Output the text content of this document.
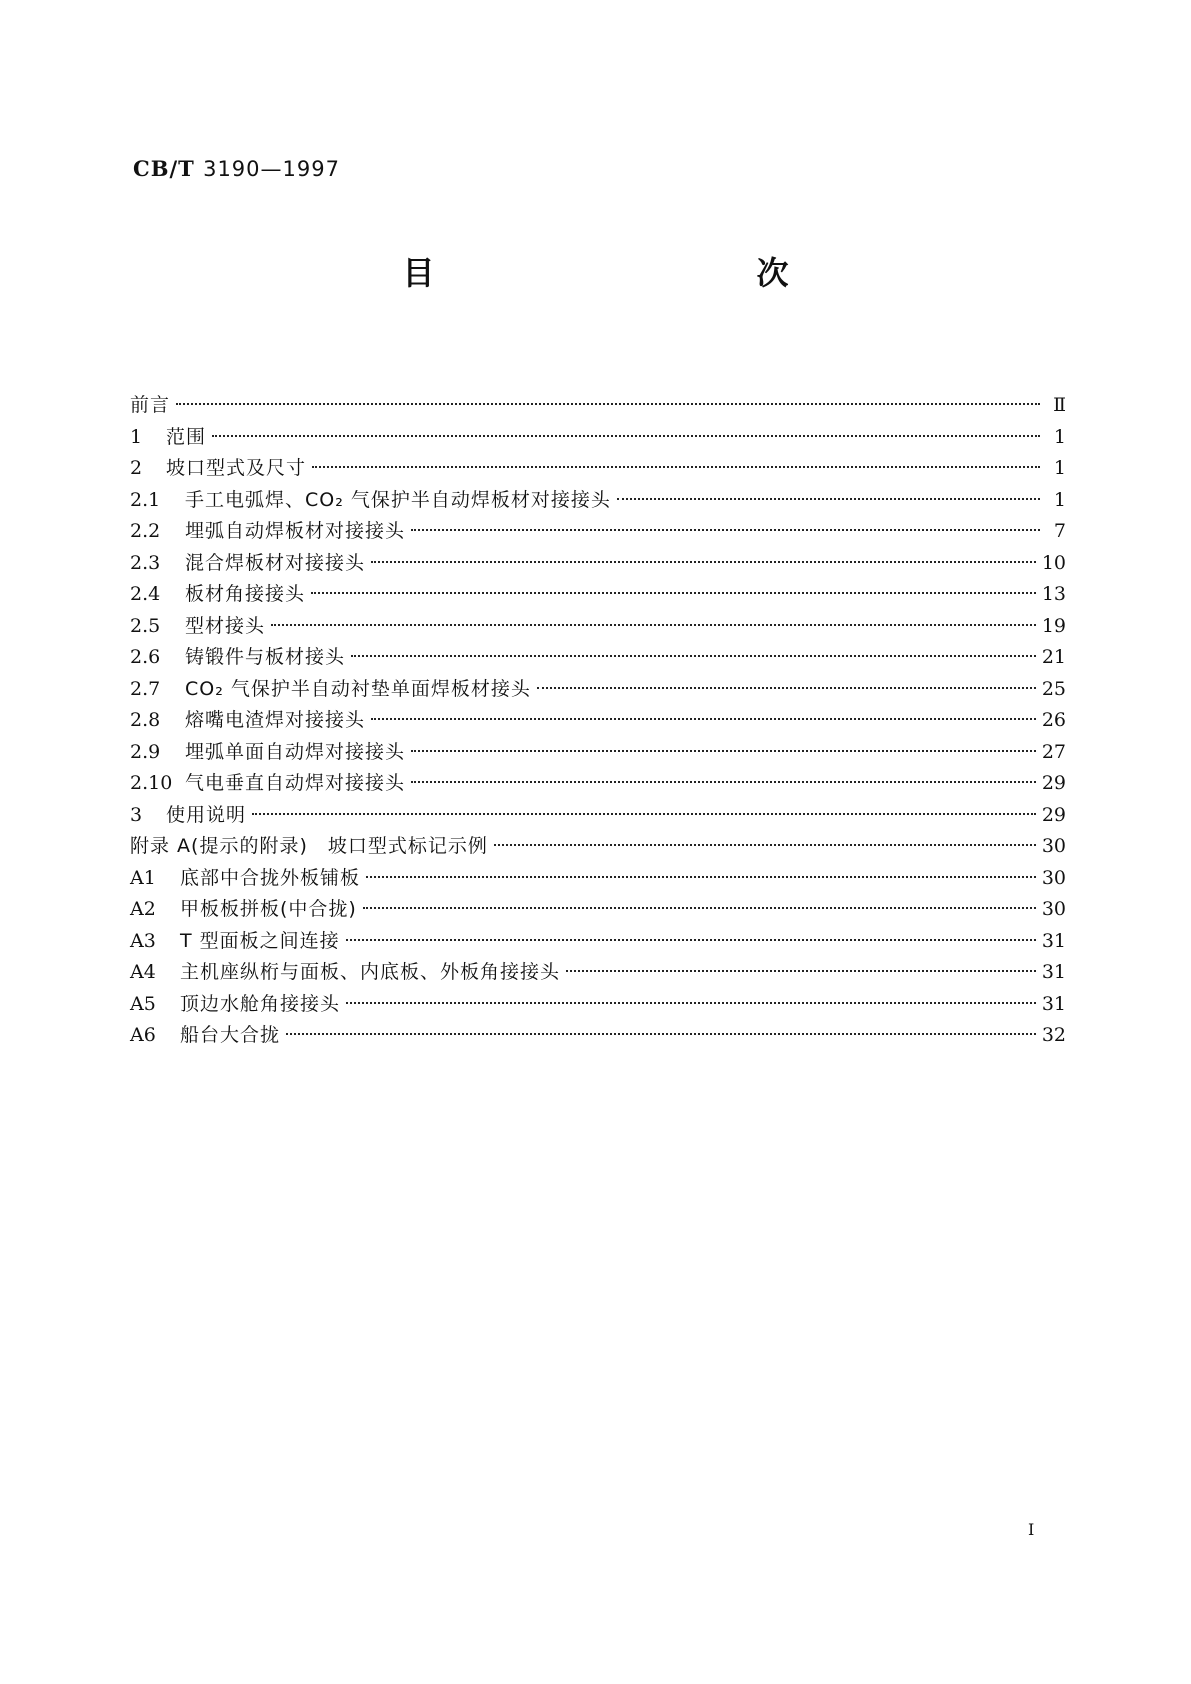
CB/T 3190—1997
目　　次
前言	Ⅱ
1	范围	1
2	坡口型式及尺寸	1
2.1	手工电弧焊、CO₂ 气保护半自动焊板材对接接头	1
2.2	埋弧自动焊板材对接接头	7
2.3	混合焊板材对接接头	10
2.4	板材角接接头	13
2.5	型材接头	19
2.6	铸锻件与板材接头	21
2.7	CO₂ 气保护半自动衬垫单面焊板材接头	25
2.8	熔嘴电渣焊对接接头	26
2.9	埋弧单面自动焊对接接头	27
2.10 气电垂直自动焊对接接头	29
3	使用说明	29
附录 A(提示的附录)　坡口型式标记示例	30
A1	底部中合拢外板铺板	30
A2	甲板板拼板(中合拢)	30
A3	T 型面板之间连接	31
A4	主机座纵桁与面板、内底板、外板角接接头	31
A5	顶边水舱角接接头	31
A6	船台大合拢	32
I
